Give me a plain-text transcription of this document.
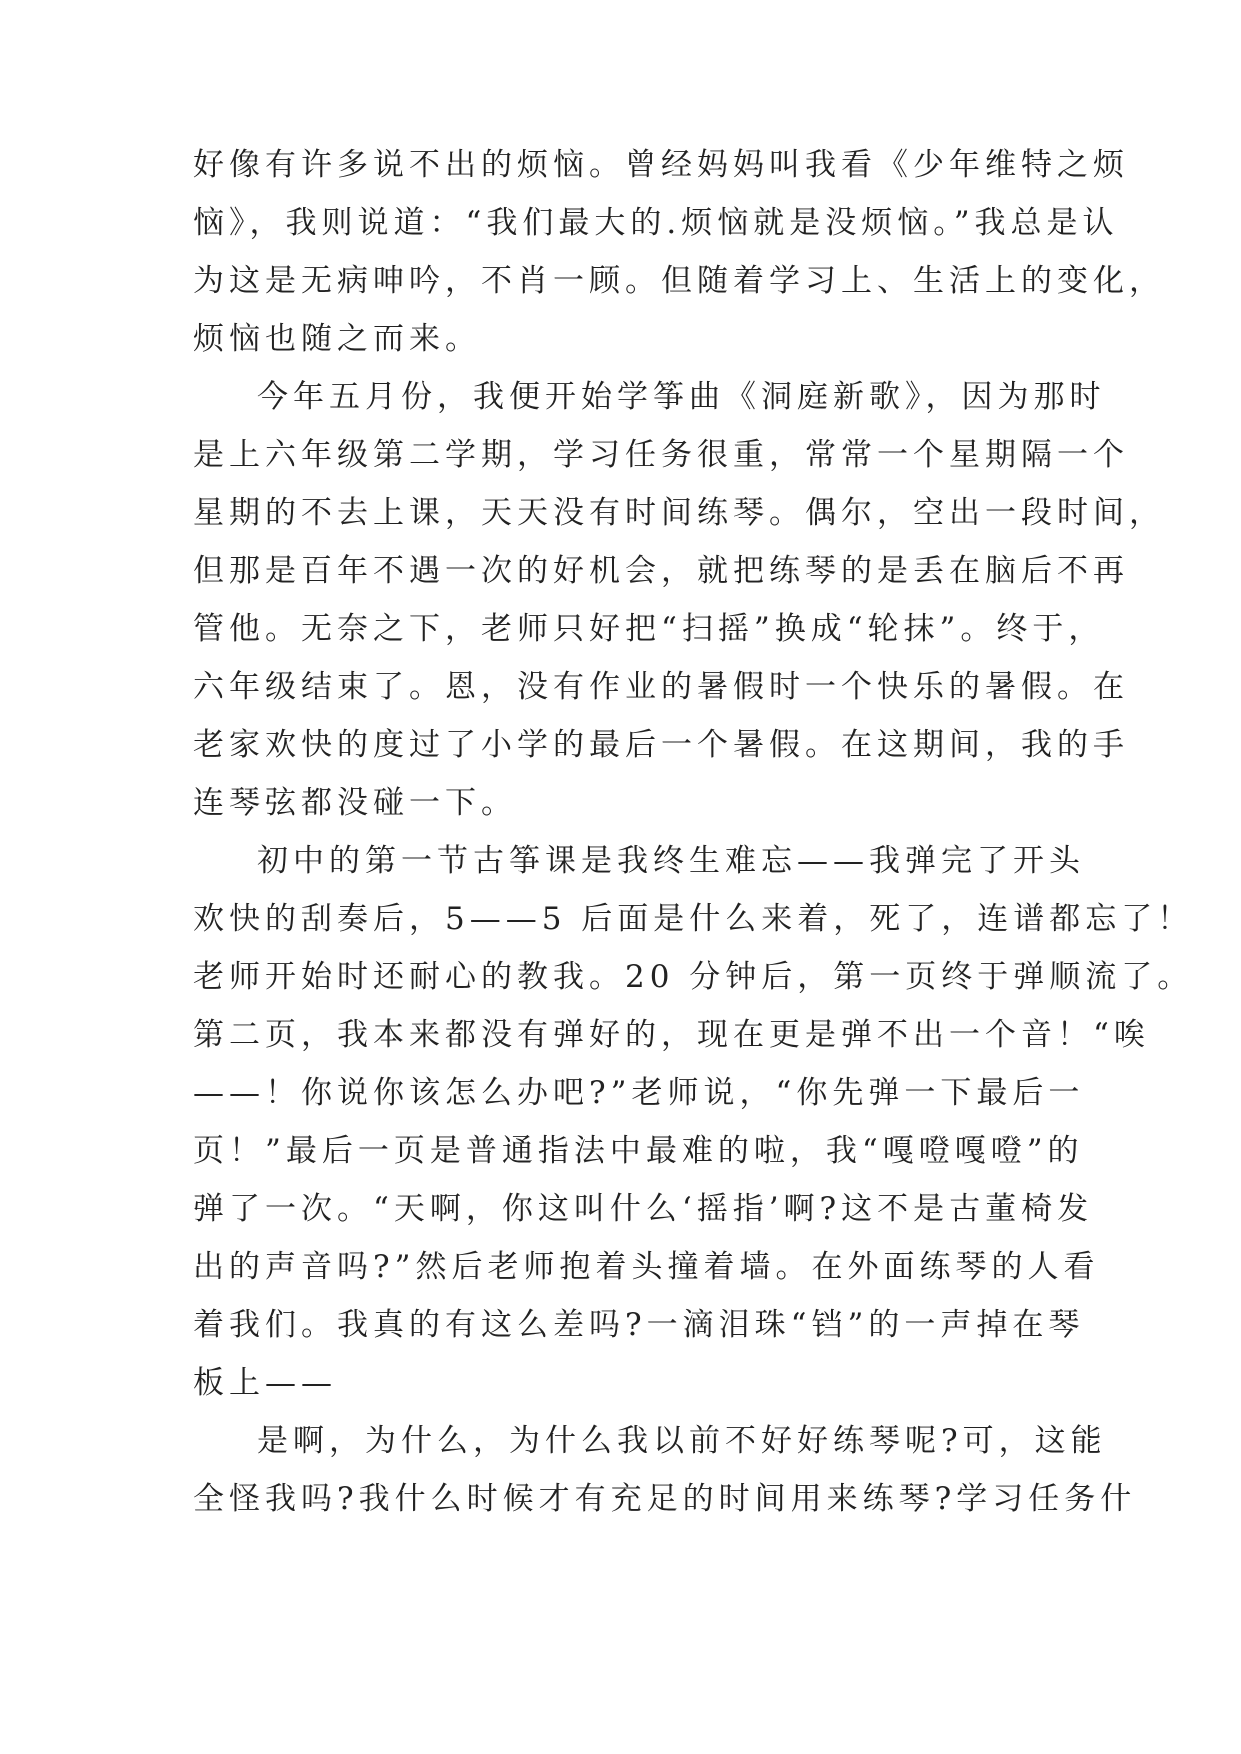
好像有许多说不出的烦恼。曾经妈妈叫我看《少年维特之烦
恼》，我则说道：“我们最大的.烦恼就是没烦恼。”我总是认
为这是无病呻吟，不肖一顾。但随着学习上、生活上的变化，
烦恼也随之而来。
今年五月份，我便开始学筝曲《洞庭新歌》，因为那时
是上六年级第二学期，学习任务很重，常常一个星期隔一个
星期的不去上课，天天没有时间练琴。偶尔，空出一段时间，
但那是百年不遇一次的好机会，就把练琴的是丢在脑后不再
管他。无奈之下，老师只好把“扫摇”换成“轮抹”。终于，
六年级结束了。恩，没有作业的暑假时一个快乐的暑假。在
老家欢快的度过了小学的最后一个暑假。在这期间，我的手
连琴弦都没碰一下。
初中的第一节古筝课是我终生难忘——我弹完了开头
欢快的刮奏后，5——5 后面是什么来着，死了，连谱都忘了！
老师开始时还耐心的教我。20 分钟后，第一页终于弹顺流了。
第二页，我本来都没有弹好的，现在更是弹不出一个音！“唉
——！你说你该怎么办吧?”老师说，“你先弹一下最后一
页！”最后一页是普通指法中最难的啦，我“嘎噔嘎噔”的
弹了一次。“天啊，你这叫什么‘摇指’啊?这不是古董椅发
出的声音吗?”然后老师抱着头撞着墙。在外面练琴的人看
着我们。我真的有这么差吗?一滴泪珠“铛”的一声掉在琴
板上——
是啊，为什么，为什么我以前不好好练琴呢?可，这能
全怪我吗?我什么时候才有充足的时间用来练琴?学习任务什
